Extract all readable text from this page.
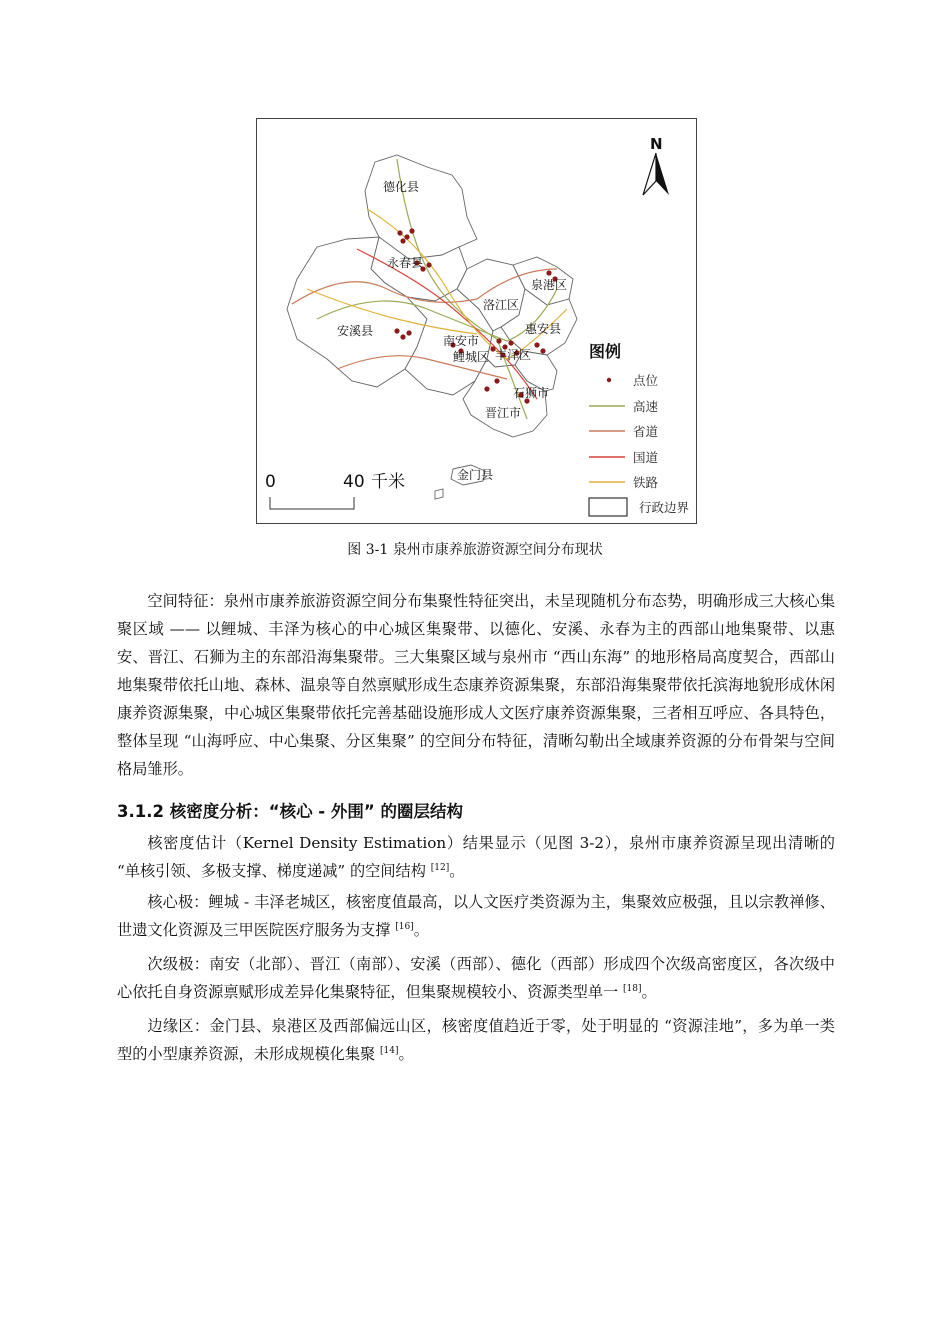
德化县
永春县
安溪县
南安市
鲤城区 丰泽区
洛江区
泉港区
惠安县
石狮市
晋江市
金门县
N
图例
点位
高速
省道
国道
铁路
行政边界
0	40 千米
图 3-1 泉州市康养旅游资源空间分布现状

空间特征：泉州市康养旅游资源空间分布集聚性特征突出，未呈现随机分布态势，明确形成三大核心集聚区域 —— 以鲤城、丰泽为核心的中心城区集聚带、以德化、安溪、永春为主的西部山地集聚带、以惠安、晋江、石狮为主的东部沿海集聚带。三大集聚区域与泉州市 “西山东海” 的地形格局高度契合，西部山地集聚带依托山地、森林、温泉等自然禀赋形成生态康养资源集聚，东部沿海集聚带依托滨海地貌形成休闲康养资源集聚，中心城区集聚带依托完善基础设施形成人文医疗康养资源集聚，三者相互呼应、各具特色，整体呈现 “山海呼应、中心集聚、分区集聚” 的空间分布特征，清晰勾勒出全域康养资源的分布骨架与空间格局雏形。

3.1.2 核密度分析：“核心 - 外围” 的圈层结构

核密度估计（Kernel Density Estimation）结果显示（见图 3-2），泉州市康养资源呈现出清晰的 “单核引领、多极支撑、梯度递减” 的空间结构 [12]。

核心极：鲤城 - 丰泽老城区，核密度值最高，以人文医疗类资源为主，集聚效应极强，且以宗教禅修、世遗文化资源及三甲医院医疗服务为支撑 [16]。

次级极：南安（北部）、晋江（南部）、安溪（西部）、德化（西部）形成四个次级高密度区，各次级中心依托自身资源禀赋形成差异化集聚特征，但集聚规模较小、资源类型单一 [18]。

边缘区：金门县、泉港区及西部偏远山区，核密度值趋近于零，处于明显的 “资源洼地”，多为单一类型的小型康养资源，未形成规模化集聚 [14]。
